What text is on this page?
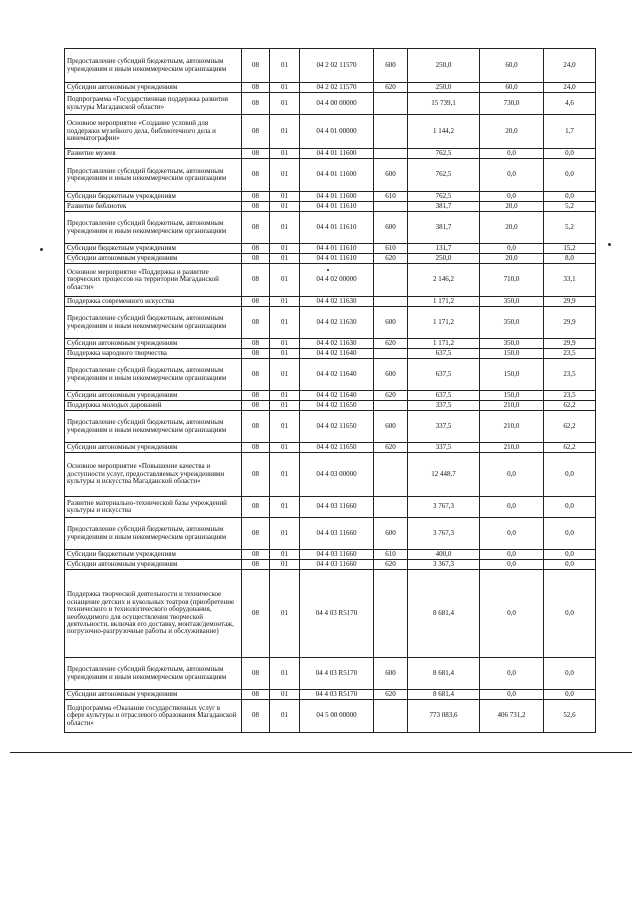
Предоставление субсидий бюджетным, автономным учреждениям и иным некоммерческим организациям	08	01	04 2 02 11570	600	250,0	60,0	24,0
Субсидии автономным учреждениям	08	01	04 2 02 11570	620	250,0	60,0	24,0
Подпрограмма «Государственная поддержка развития культуры Магаданской области»	08	01	04 4 00 00000		15 739,1	730,0	4,6
Основное мероприятие «Создание условий для поддержки музейного дела, библиотечного дела и кинематографии»	08	01	04 4 01 00000		1 144,2	20,0	1,7
Развитие музеев	08	01	04 4 01 11600		762,5	0,0	0,0
Предоставление субсидий бюджетным, автономным учреждениям и иным некоммерческим организациям	08	01	04 4 01 11600	600	762,5	0,0	0,0
Субсидии бюджетным учреждениям	08	01	04 4 01 11600	610	762,5	0,0	0,0
Развитие библиотек	08	01	04 4 01 11610		381,7	20,0	5,2
Предоставление субсидий бюджетным, автономным учреждениям и иным некоммерческим организациям	08	01	04 4 01 11610	600	381,7	20,0	5,2
Субсидии бюджетным учреждениям	08	01	04 4 01 11610	610	131,7	0,0	15,2
Субсидии автономным учреждениям	08	01	04 4 01 11610	620	250,0	20,0	8,0
Основное мероприятие «Поддержка и развитие творческих процессов на территории Магаданской области»	08	01	04 4 02 00000		2 146,2	710,0	33,1
Поддержка современного искусства	08	01	04 4 02 11630		1 171,2	350,0	29,9
Предоставление субсидий бюджетным, автономным учреждениям и иным некоммерческим организациям	08	01	04 4 02 11630	600	1 171,2	350,0	29,9
Субсидии автономным учреждениям	08	01	04 4 02 11630	620	1 171,2	350,0	29,9
Поддержка народного творчества	08	01	04 4 02 11640		637,5	150,0	23,5
Предоставление субсидий бюджетным, автономным учреждениям и иным некоммерческим организациям	08	01	04 4 02 11640	600	637,5	150,0	23,5
Субсидии автономным учреждениям	08	01	04 4 02 11640	620	637,5	150,0	23,5
Поддержка молодых дарований	08	01	04 4 02 11650		337,5	210,0	62,2
Предоставление субсидий бюджетным, автономным учреждениям и иным некоммерческим организациям	08	01	04 4 02 11650	600	337,5	210,0	62,2
Субсидии автономным учреждениям	08	01	04 4 02 11650	620	337,5	210,0	62,2
Основное мероприятие «Повышение качества и доступности услуг, предоставляемых учреждениями культуры и искусства Магаданской области»	08	01	04 4 03 00000		12 448,7	0,0	0,0
Развитие материально-технической базы учреждений культуры и искусства	08	01	04 4 03 11660		3 767,3	0,0	0,0
Предоставление субсидий бюджетным, автономным учреждениям и иным некоммерческим организациям	08	01	04 4 03 11660	600	3 767,3	0,0	0,0
Субсидии бюджетным учреждениям	08	01	04 4 03 11660	610	400,0	0,0	0,0
Субсидии автономным учреждениям	08	01	04 4 03 11660	620	3 367,3	0,0	0,0
Поддержка творческой деятельности и техническое оснащение детских и кукольных театров (приобретение технического и технологического оборудования, необходимого для осуществления творческой деятельности, включая его доставку, монтаж/демонтаж, погрузочно-разгрузочные работы и обслуживание)	08	01	04 4 03 R5170		8 681,4	0,0	0,0
Предоставление субсидий бюджетным, автономным учреждениям и иным некоммерческим организациям	08	01	04 4 03 R5170	600	8 681,4	0,0	0,0
Субсидии автономным учреждениям	08	01	04 4 03 R5170	620	8 681,4	0,0	0,0
Подпрограмма «Оказание государственных услуг в сфере культуры и отраслевого образования Магаданской области»	08	01	04 5 00 00000		773 083,6	406 731,2	52,6
